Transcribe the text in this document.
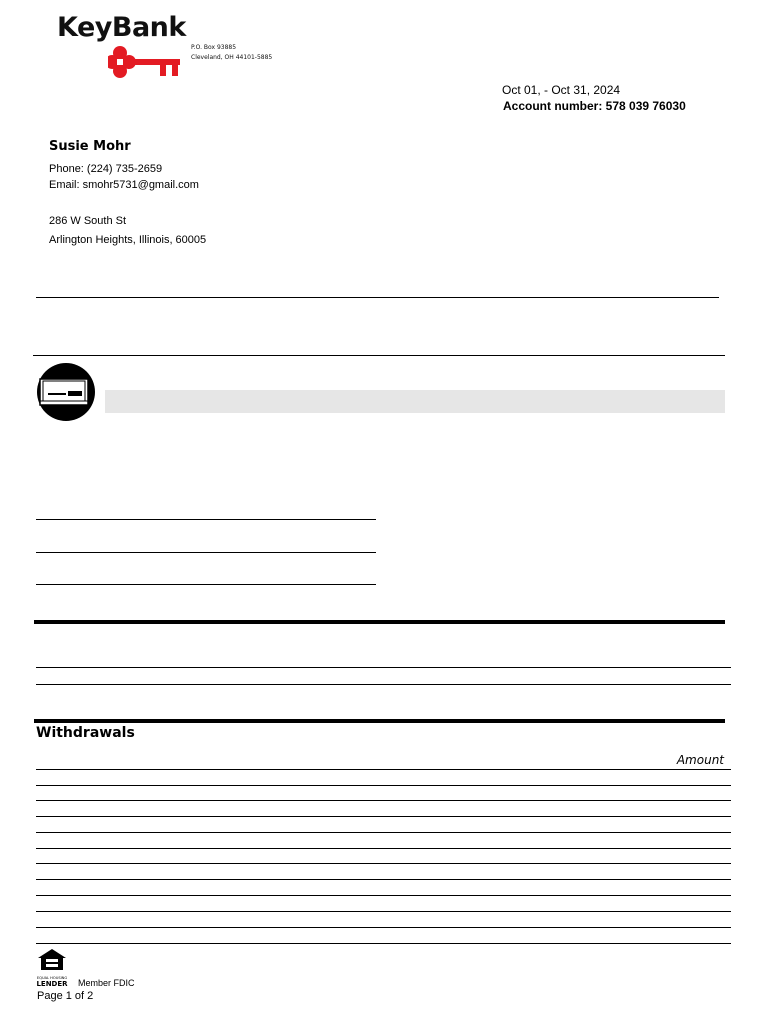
KeyBank
P.O. Box 93885
Cleveland, OH 44101-5885
Oct 01, - Oct 31, 2024
Account number: 578 039 76030
Susie Mohr
Phone: (224) 735-2659
Email: smohr5731@gmail.com
286 W South St
Arlington Heights, Illinois, 60005
Withdrawals
Amount
EQUAL HOUSING
LENDER Member FDIC
Page 1 of 2
